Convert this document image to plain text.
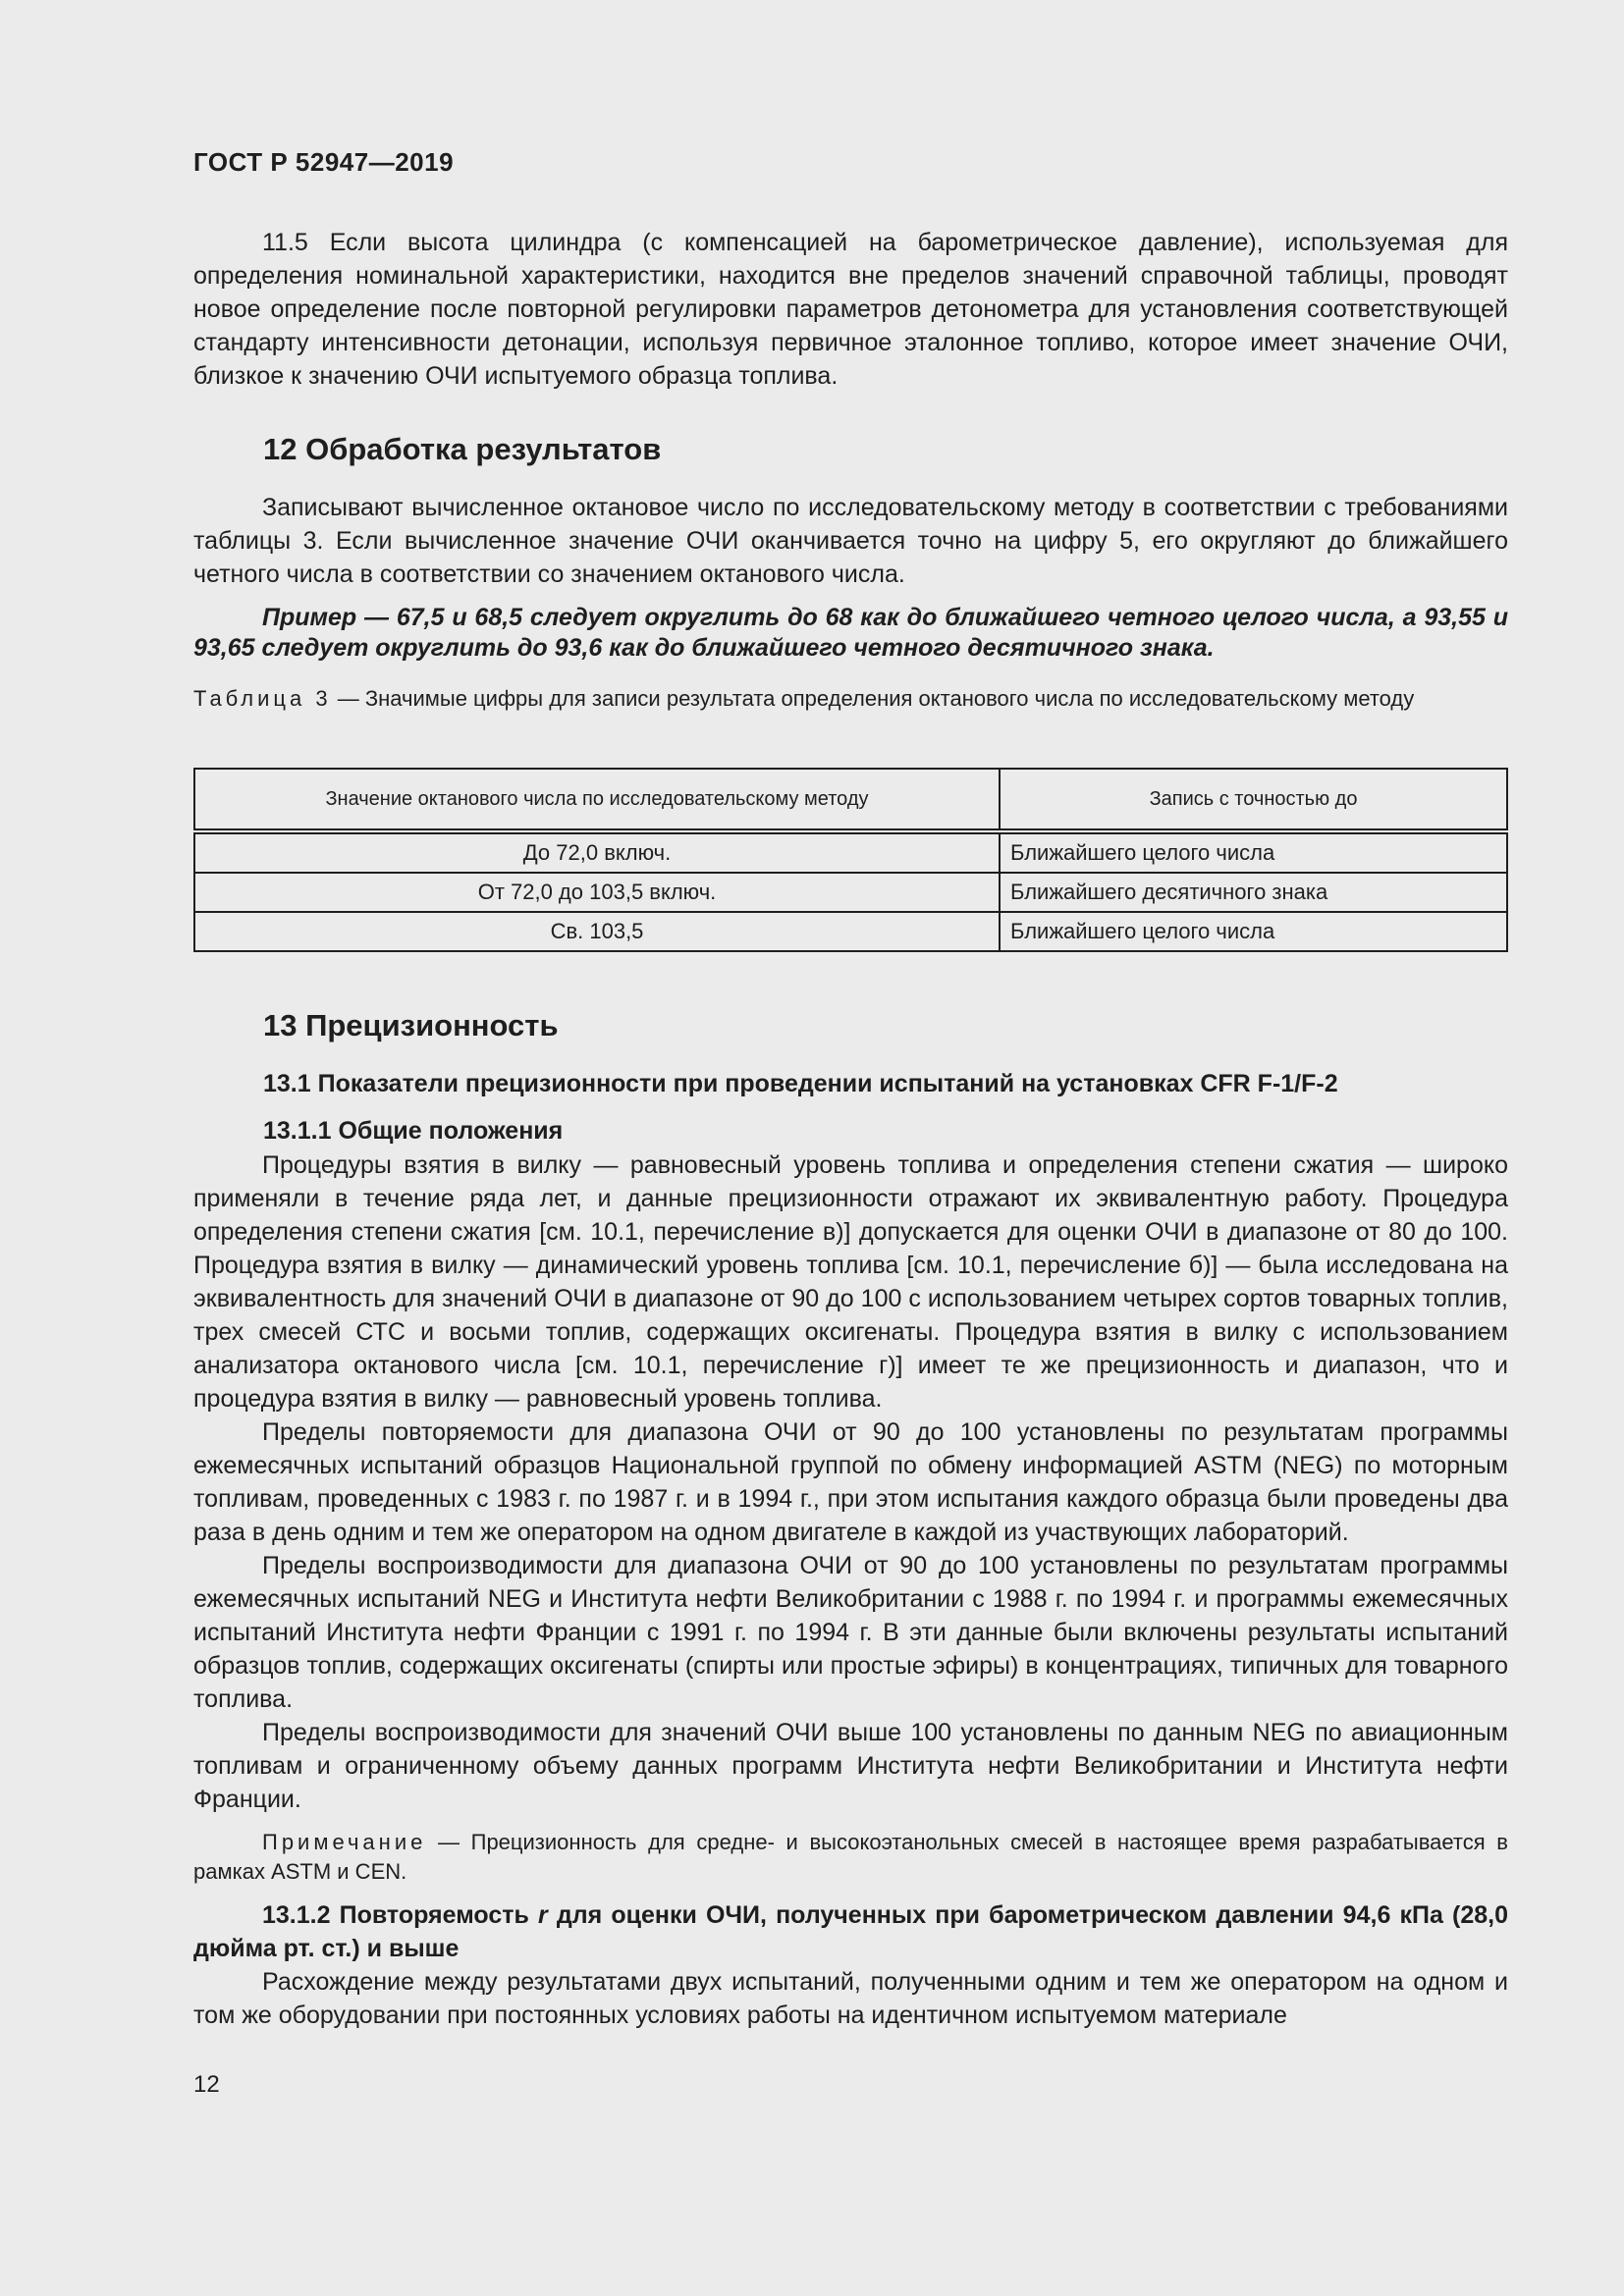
ГОСТ Р 52947—2019
11.5 Если высота цилиндра (с компенсацией на барометрическое давление), используемая для определения номинальной характеристики, находится вне пределов значений справочной таблицы, проводят новое определение после повторной регулировки параметров детонометра для установления соответствующей стандарту интенсивности детонации, используя первичное эталонное топливо, которое имеет значение ОЧИ, близкое к значению ОЧИ испытуемого образца топлива.
12 Обработка результатов
Записывают вычисленное октановое число по исследовательскому методу в соответствии с требованиями таблицы 3. Если вычисленное значение ОЧИ оканчивается точно на цифру 5, его округляют до ближайшего четного числа в соответствии со значением октанового числа.
Пример — 67,5 и 68,5 следует округлить до 68 как до ближайшего четного целого числа, а 93,55 и 93,65 следует округлить до 93,6 как до ближайшего четного десятичного знака.
Таблица 3 — Значимые цифры для записи результата определения октанового числа по исследовательскому методу
Значение октанового числа по исследовательскому методу	Запись с точностью до
До 72,0 включ.	Ближайшего целого числа
От 72,0 до 103,5 включ.	Ближайшего десятичного знака
Св. 103,5	Ближайшего целого числа
13 Прецизионность
13.1 Показатели прецизионности при проведении испытаний на установках CFR F-1/F-2
13.1.1 Общие положения
Процедуры взятия в вилку — равновесный уровень топлива и определения степени сжатия — широко применяли в течение ряда лет, и данные прецизионности отражают их эквивалентную работу. Процедура определения степени сжатия [см. 10.1, перечисление в)] допускается для оценки ОЧИ в диапазоне от 80 до 100. Процедура взятия в вилку — динамический уровень топлива [см. 10.1, перечисление б)] — была исследована на эквивалентность для значений ОЧИ в диапазоне от 90 до 100 с использованием четырех сортов товарных топлив, трех смесей СТС и восьми топлив, содержащих оксигенаты. Процедура взятия в вилку с использованием анализатора октанового числа [см. 10.1, перечисление г)] имеет те же прецизионность и диапазон, что и процедура взятия в вилку — равновесный уровень топлива.
Пределы повторяемости для диапазона ОЧИ от 90 до 100 установлены по результатам программы ежемесячных испытаний образцов Национальной группой по обмену информацией ASTM (NEG) по моторным топливам, проведенных с 1983 г. по 1987 г. и в 1994 г., при этом испытания каждого образца были проведены два раза в день одним и тем же оператором на одном двигателе в каждой из участвующих лабораторий.
Пределы воспроизводимости для диапазона ОЧИ от 90 до 100 установлены по результатам программы ежемесячных испытаний NEG и Института нефти Великобритании с 1988 г. по 1994 г. и программы ежемесячных испытаний Института нефти Франции с 1991 г. по 1994 г. В эти данные были включены результаты испытаний образцов топлив, содержащих оксигенаты (спирты или простые эфиры) в концентрациях, типичных для товарного топлива.
Пределы воспроизводимости для значений ОЧИ выше 100 установлены по данным NEG по авиационным топливам и ограниченному объему данных программ Института нефти Великобритании и Института нефти Франции.
Примечание — Прецизионность для средне- и высокоэтанольных смесей в настоящее время разрабатывается в рамках ASTM и CEN.
13.1.2 Повторяемость r для оценки ОЧИ, полученных при барометрическом давлении 94,6 кПа (28,0 дюйма рт. ст.) и выше
Расхождение между результатами двух испытаний, полученными одним и тем же оператором на одном и том же оборудовании при постоянных условиях работы на идентичном испытуемом материале
12
